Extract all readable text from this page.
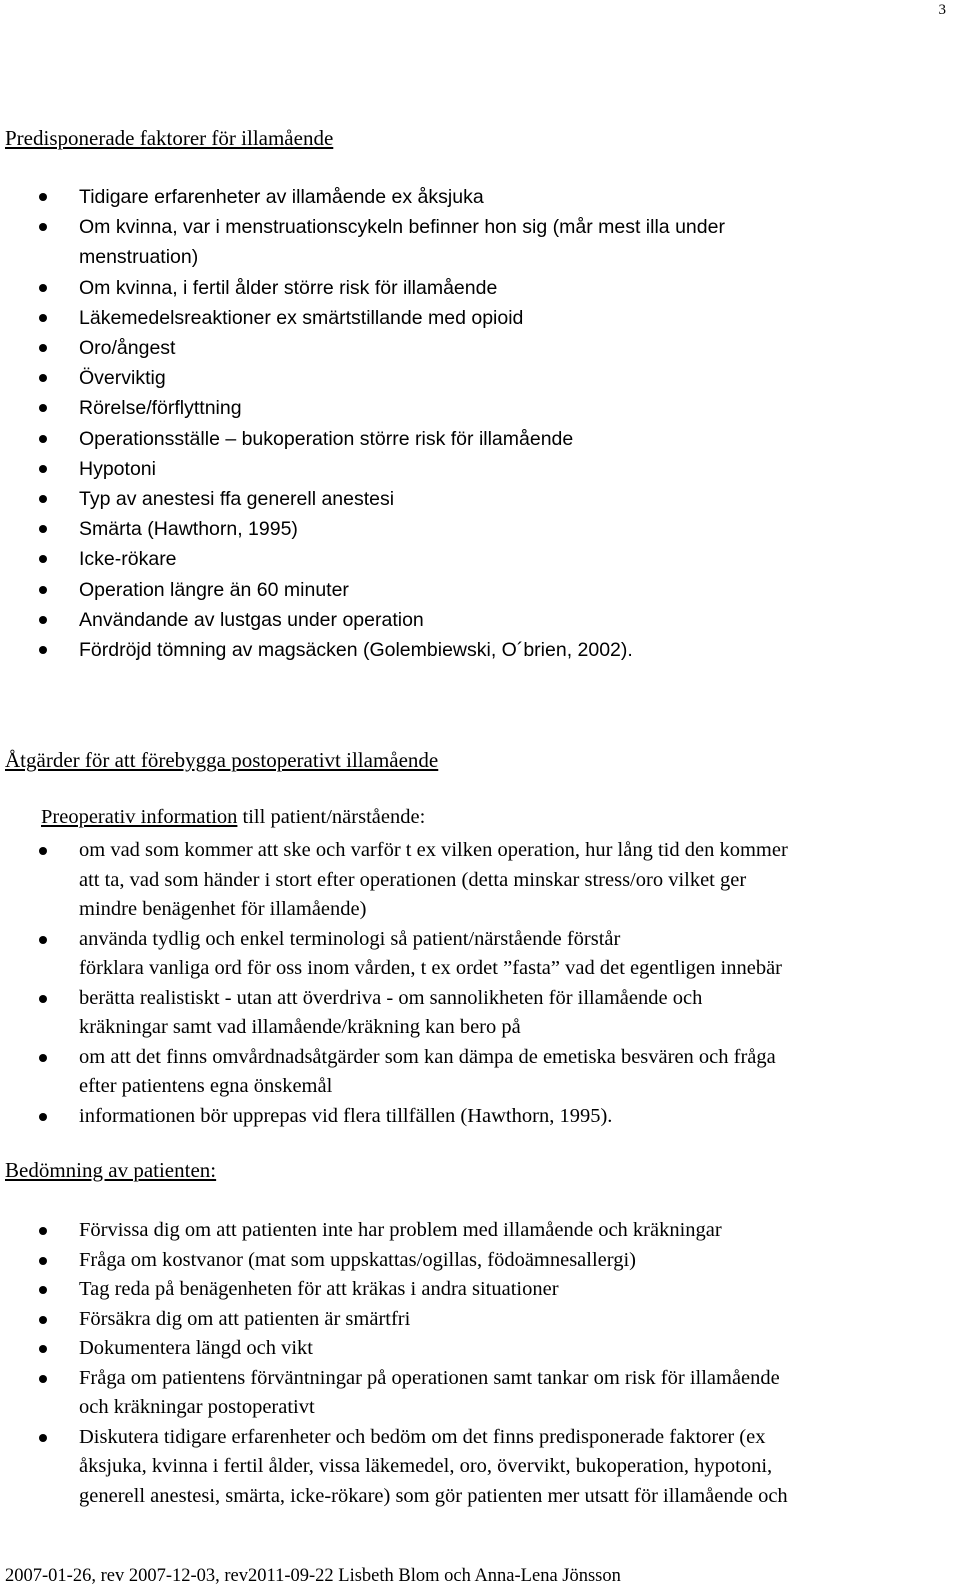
3
Predisponerade faktorer för illamående
Tidigare erfarenheter av illamående ex åksjuka
Om kvinna, var i menstruationscykeln befinner hon sig (mår mest illa under
menstruation)
Om kvinna, i fertil ålder större risk för illamående
Läkemedelsreaktioner ex smärtstillande med opioid
Oro/ångest
Överviktig
Rörelse/förflyttning
Operationsställe – bukoperation större risk för illamående
Hypotoni
Typ av anestesi ffa generell anestesi
Smärta (Hawthorn, 1995)
Icke-rökare
Operation längre än 60 minuter
Användande av lustgas under operation
Fördröjd tömning av magsäcken (Golembiewski, O´brien, 2002).
Åtgärder för att förebygga postoperativt illamående
Preoperativ information till patient/närstående:
om vad som kommer att ske och varför t ex vilken operation, hur lång tid den kommer
att ta, vad som händer i stort efter operationen (detta minskar stress/oro vilket ger
mindre benägenhet för illamående)
använda tydlig och enkel terminologi så patient/närstående förstår
förklara vanliga ord för oss inom vården, t ex ordet ”fasta” vad det egentligen innebär
berätta realistiskt - utan att överdriva - om sannolikheten för illamående och
kräkningar samt vad illamående/kräkning kan bero på
om att det finns omvårdnadsåtgärder som kan dämpa de emetiska besvären och fråga
efter patientens egna önskemål
informationen bör upprepas vid flera tillfällen (Hawthorn, 1995).
Bedömning av patienten:
Förvissa dig om att patienten inte har problem med illamående och kräkningar
Fråga om kostvanor (mat som uppskattas/ogillas, födoämnesallergi)
Tag reda på benägenheten för att kräkas i andra situationer
Försäkra dig om att patienten är smärtfri
Dokumentera längd och vikt
Fråga om patientens förväntningar på operationen samt tankar om risk för illamående
och kräkningar postoperativt
Diskutera tidigare erfarenheter och bedöm om det finns predisponerade faktorer (ex
åksjuka, kvinna i fertil ålder, vissa läkemedel, oro, övervikt, bukoperation, hypotoni,
generell anestesi, smärta, icke-rökare) som gör patienten mer utsatt för illamående och
2007-01-26, rev 2007-12-03, rev2011-09-22 Lisbeth Blom och Anna-Lena Jönsson
